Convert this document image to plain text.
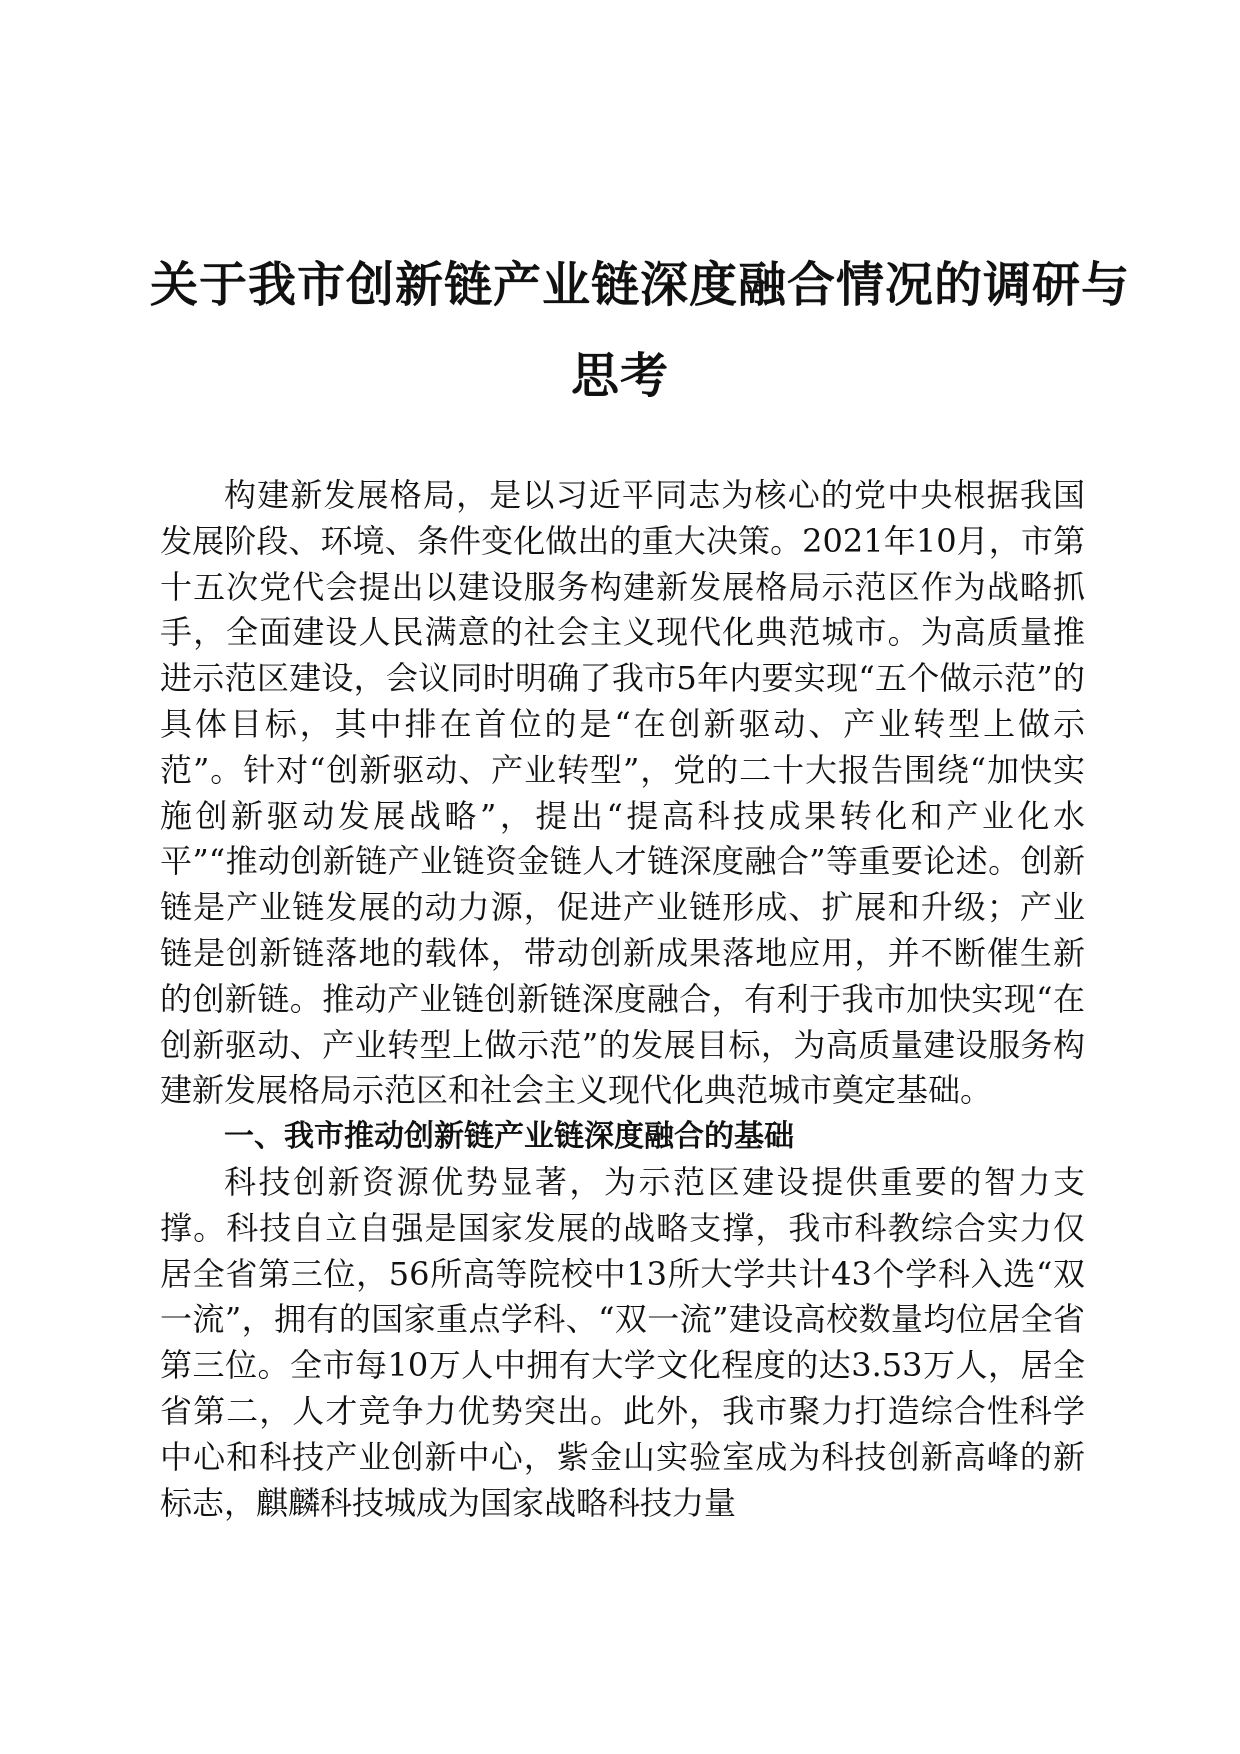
关于我市创新链产业链深度融合情况的调研与
思考

构建新发展格局，是以习近平同志为核心的党中央根据我国发展阶段、环境、条件变化做出的重大决策。2021年10月，市第十五次党代会提出以建设服务构建新发展格局示范区作为战略抓手，全面建设人民满意的社会主义现代化典范城市。为高质量推进示范区建设，会议同时明确了我市5年内要实现“五个做示范”的具体目标，其中排在首位的是“在创新驱动、产业转型上做示范”。针对“创新驱动、产业转型”，党的二十大报告围绕“加快实施创新驱动发展战略”，提出“提高科技成果转化和产业化水平”“推动创新链产业链资金链人才链深度融合”等重要论述。创新链是产业链发展的动力源，促进产业链形成、扩展和升级；产业链是创新链落地的载体，带动创新成果落地应用，并不断催生新的创新链。推动产业链创新链深度融合，有利于我市加快实现“在创新驱动、产业转型上做示范”的发展目标，为高质量建设服务构建新发展格局示范区和社会主义现代化典范城市奠定基础。

一、我市推动创新链产业链深度融合的基础

科技创新资源优势显著，为示范区建设提供重要的智力支撑。科技自立自强是国家发展的战略支撑，我市科教综合实力仅居全省第三位，56所高等院校中13所大学共计43个学科入选“双一流”，拥有的国家重点学科、“双一流”建设高校数量均位居全省第三位。全市每10万人中拥有大学文化程度的达3.53万人，居全省第二，人才竞争力优势突出。此外，我市聚力打造综合性科学中心和科技产业创新中心，紫金山实验室成为科技创新高峰的新标志，麒麟科技城成为国家战略科技力量
